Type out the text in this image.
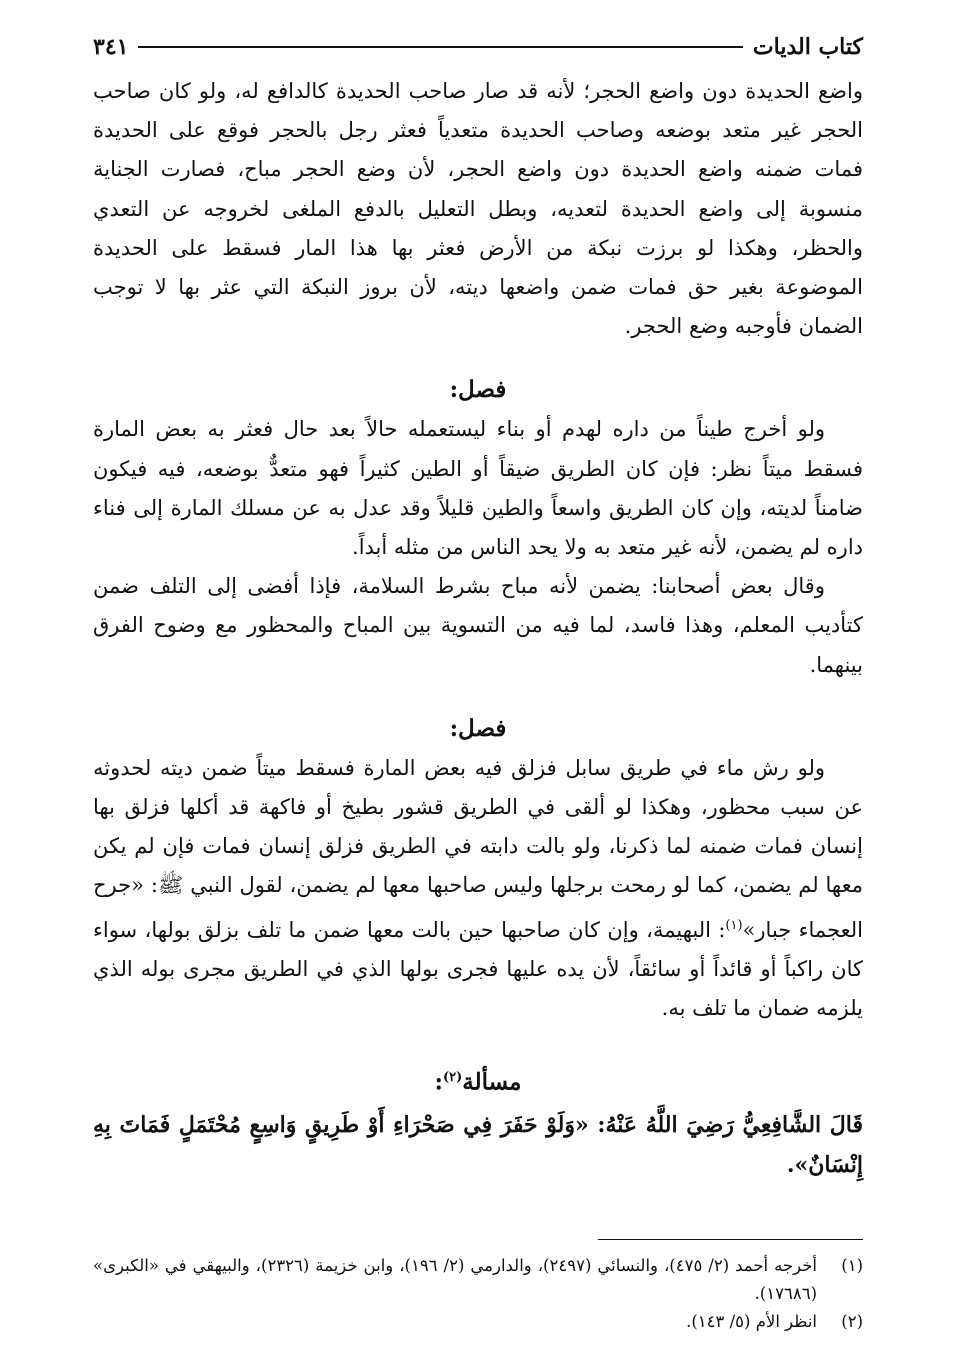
كتاب الديات
٣٤١

واضع الحديدة دون واضع الحجر؛ لأنه قد صار صاحب الحديدة كالدافع له، ولو كان صاحب الحجر غير متعد بوضعه وصاحب الحديدة متعدياً فعثر رجل بالحجر فوقع على الحديدة فمات ضمنه واضع الحديدة دون واضع الحجر، لأن وضع الحجر مباح، فصارت الجناية منسوبة إلى واضع الحديدة لتعديه، وبطل التعليل بالدفع الملغى لخروجه عن التعدي والحظر، وهكذا لو برزت نبكة من الأرض فعثر بها هذا المار فسقط على الحديدة الموضوعة بغير حق فمات ضمن واضعها ديته، لأن بروز النبكة التي عثر بها لا توجب الضمان فأوجبه وضع الحجر.

فصل:

ولو أخرج طيناً من داره لهدم أو بناء ليستعمله حالاً بعد حال فعثر به بعض المارة فسقط ميتاً نظر: فإن كان الطريق ضيقاً أو الطين كثيراً فهو متعدٌّ بوضعه، فيه فيكون ضامناً لديته، وإن كان الطريق واسعاً والطين قليلاً وقد عدل به عن مسلك المارة إلى فناء داره لم يضمن، لأنه غير متعد به ولا يحد الناس من مثله أبداً.

وقال بعض أصحابنا: يضمن لأنه مباح بشرط السلامة، فإذا أفضى إلى التلف ضمن كتأديب المعلم، وهذا فاسد، لما فيه من التسوية بين المباح والمحظور مع وضوح الفرق بينهما.

فصل:

ولو رش ماء في طريق سابل فزلق فيه بعض المارة فسقط ميتاً ضمن ديته لحدوثه عن سبب محظور، وهكذا لو ألقى في الطريق قشور بطيخ أو فاكهة قد أكلها فزلق بها إنسان فمات ضمنه لما ذكرنا، ولو بالت دابته في الطريق فزلق إنسان فمات فإن لم يكن معها لم يضمن، كما لو رمحت برجلها وليس صاحبها معها لم يضمن، لقول النبي ﷺ: «جرح العجماء جبار»$^{(١)}$: البهيمة، وإن كان صاحبها حين بالت معها ضمن ما تلف بزلق بولها، سواء كان راكباً أو قائداً أو سائقاً، لأن يده عليها فجرى بولها الذي في الطريق مجرى بوله الذي يلزمه ضمان ما تلف به.

مسألة$^{(٢)}$:

قَالَ الشَّافِعِيُّ رَضِيَ اللَّهُ عَنْهُ: «وَلَوْ حَفَرَ فِي صَحْرَاءِ أَوْ طَرِيقٍ وَاسِعٍ مُحْتَمَلٍ فَمَاتَ بِهِ إِنْسَانٌ».

(١)
أخرجه أحمد (٢/ ٤٧٥)، والنسائي (٢٤٩٧)، والدارمي (٢/ ١٩٦)، وابن خزيمة (٢٣٢٦)، والبيهقي في «الكبرى» (١٧٦٨٦).
(٢)
انظر الأم (٥/ ١٤٣).
